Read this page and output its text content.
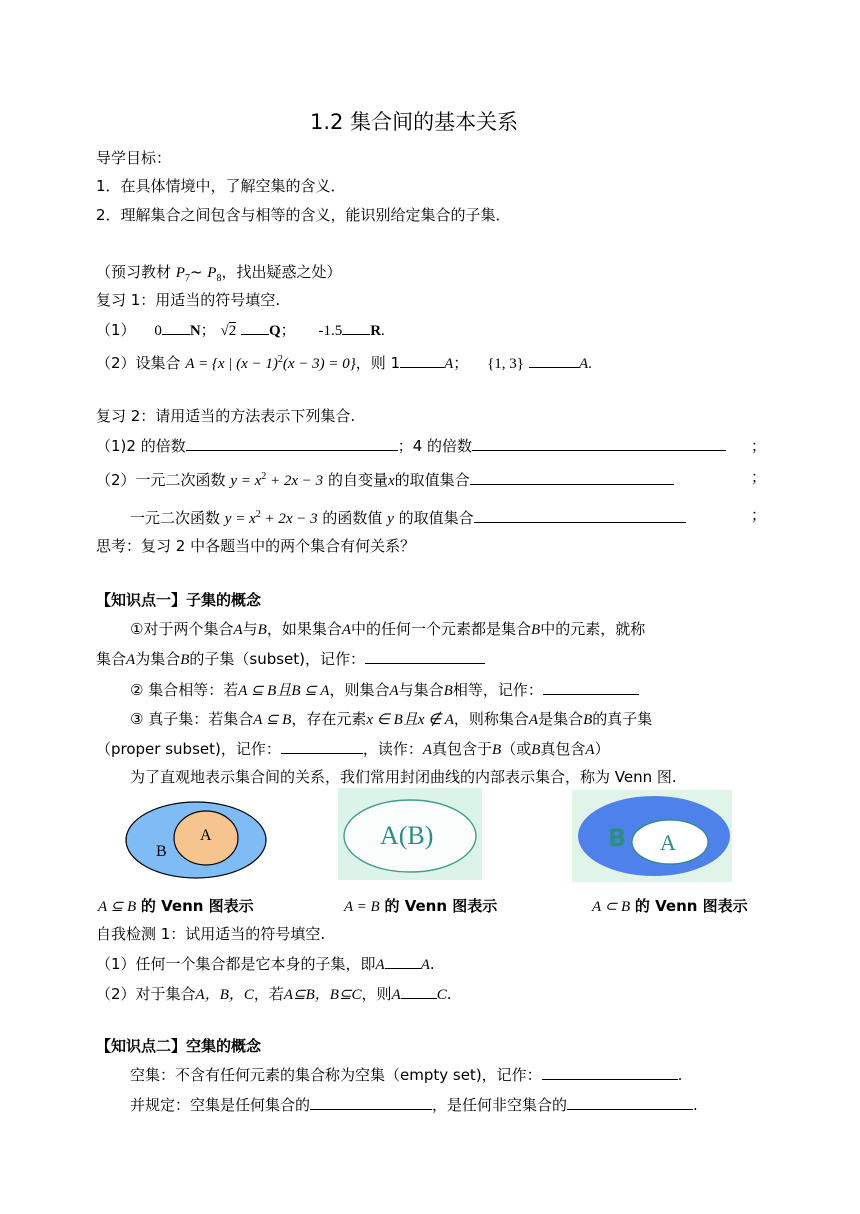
1.2 集合间的基本关系
导学目标：
1．在具体情境中，了解空集的含义．
2．理解集合之间包含与相等的含义，能识别给定集合的子集．
（预习教材 $P_7\sim$ $P_8$，找出疑惑之处）
复习 1：用适当的符号填空.
（1） 0 N； √2 Q； -1.5 R.
（2）设集合 A = {x | $(x - 1)^2(x - 3) = 0$}，则 1	A； {1, 3}	A.
复习 2：请用适当的方法表示下列集合.
（1)2 的倍数	；4 的倍数	；
（2）一元二次函数 $y = x^2 + 2x - 3$ 的自变量x的取值集合	；
一元二次函数 $y = x^2 + 2x - 3$ 的函数值 y 的取值集合	；
思考：复习 2 中各题当中的两个集合有何关系？
【知识点一】子集的概念
①对于两个集合A与B，如果集合A中的任何一个元素都是集合B中的元素，就称
集合A为集合B的子集（subset)，记作：
② 集合相等：若A ⊆ B且B ⊆ A，则集合A与集合B相等，记作：
③ 真子集：若集合A ⊆ B，存在元素x ∈ B且x ∉ A，则称集合A是集合B的真子集
（proper subset)，记作：	，读作：A真包含于B（或B真包含A）
为了直观地表示集合间的关系，我们常用封闭曲线的内部表示集合，称为 Venn 图.
A
B
A(B)	B A
A ⊆ B 的 Venn 图表示	A = B 的 Venn 图表示	A ⊂ B 的 Venn 图表示
自我检测 1：试用适当的符号填空.
（1）任何一个集合都是它本身的子集，即A A.
（2）对于集合A，B，C，若A⊆B，B⊆C，则A C.
【知识点二】空集的概念
空集：不含有任何元素的集合称为空集（empty set)，记作：	.
并规定：空集是任何集合的	，是任何非空集合的	.
